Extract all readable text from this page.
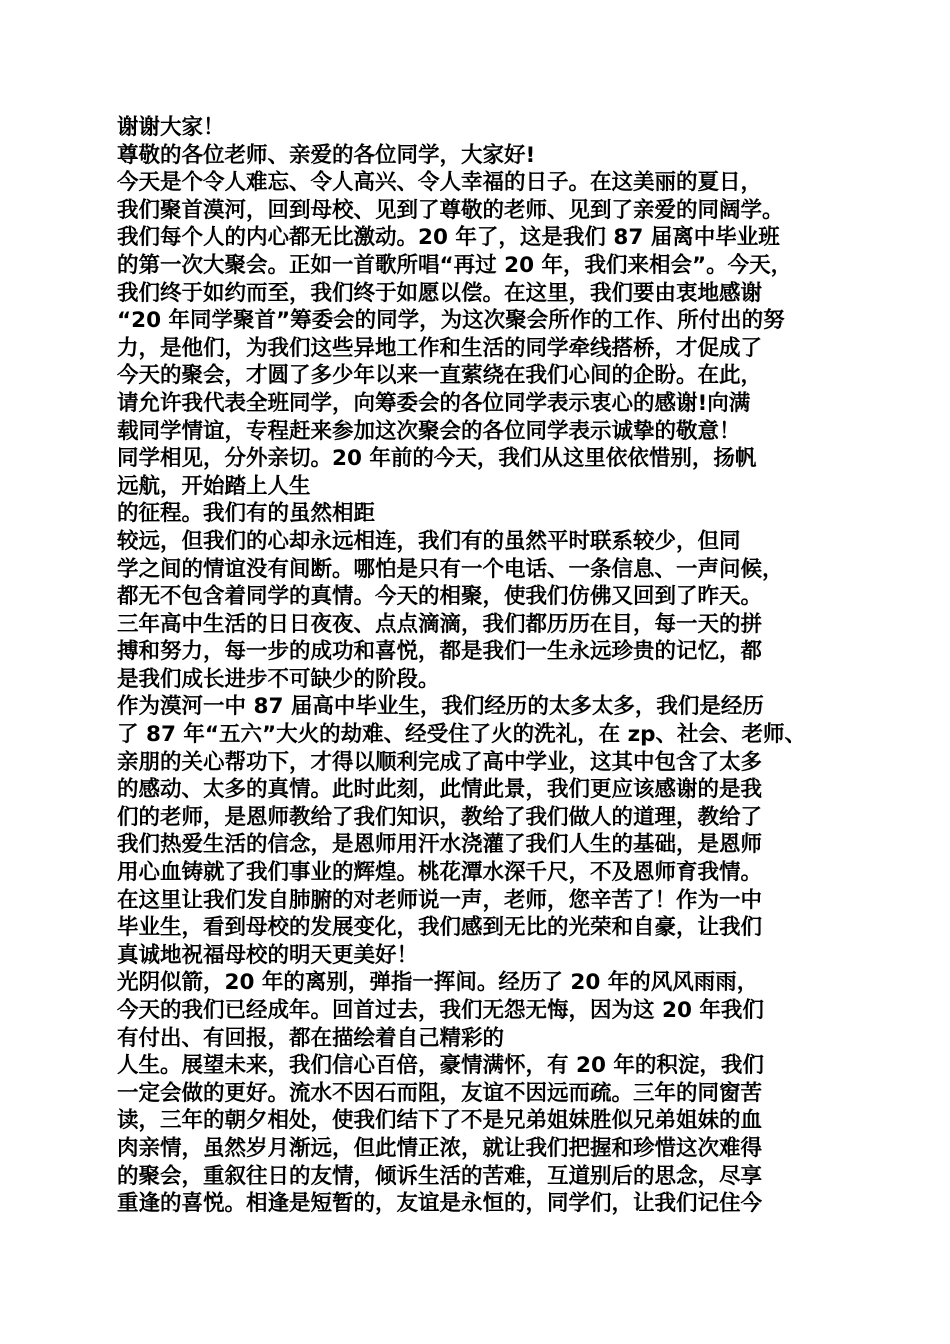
谢谢大家！
尊敬的各位老师、亲爱的各位同学，大家好!
今天是个令人难忘、令人高兴、令人幸福的日子。在这美丽的夏日，
我们聚首漠河，回到母校、见到了尊敬的老师、见到了亲爱的同阔学。
我们每个人的内心都无比激动。20 年了，这是我们 87 届离中毕业班
的第一次大聚会。正如一首歌所唱“再过 20 年，我们来相会”。今天，
我们终于如约而至，我们终于如愿以偿。在这里，我们要由衷地感谢
“20 年同学聚首”筹委会的同学，为这次聚会所作的工作、所付出的努
力，是他们，为我们这些异地工作和生活的同学牵线搭桥，才促成了
今天的聚会，才圆了多少年以来一直萦绕在我们心间的企盼。在此，
请允许我代表全班同学，向筹委会的各位同学表示衷心的感谢!向满
载同学情谊，专程赶来参加这次聚会的各位同学表示诚挚的敬意！
同学相见，分外亲切。20 年前的今天，我们从这里依依惜别，扬帆
远航，开始踏上人生
的征程。我们有的虽然相距
较远，但我们的心却永远相连，我们有的虽然平时联系较少，但同
学之间的情谊没有间断。哪怕是只有一个电话、一条信息、一声问候，
都无不包含着同学的真情。今天的相聚，使我们仿佛又回到了昨天。
三年高中生活的日日夜夜、点点滴滴，我们都历历在目，每一天的拼
搏和努力，每一步的成功和喜悦，都是我们一生永远珍贵的记忆，都
是我们成长进步不可缺少的阶段。
作为漠河一中 87 届高中毕业生，我们经历的太多太多，我们是经历
了 87 年“五六”大火的劫难、经受住了火的洗礼，在 zp、社会、老师、
亲朋的关心帮功下，才得以顺利完成了高中学业，这其中包含了太多
的感动、太多的真情。此时此刻，此情此景，我们更应该感谢的是我
们的老师，是恩师教给了我们知识，教给了我们做人的道理，教给了
我们热爱生活的信念，是恩师用汗水浇灌了我们人生的基础，是恩师
用心血铸就了我们事业的辉煌。桃花潭水深千尺，不及恩师育我情。
在这里让我们发自肺腑的对老师说一声，老师，您辛苦了！作为一中
毕业生，看到母校的发展变化，我们感到无比的光荣和自豪，让我们
真诚地祝福母校的明天更美好！
光阴似箭，20 年的离别，弹指一挥间。经历了 20 年的风风雨雨，
今天的我们已经成年。回首过去，我们无怨无悔，因为这 20 年我们
有付出、有回报，都在描绘着自己精彩的
人生。展望未来，我们信心百倍，豪情满怀，有 20 年的积淀，我们
一定会做的更好。流水不因石而阻，友谊不因远而疏。三年的同窗苦
读，三年的朝夕相处，使我们结下了不是兄弟姐妹胜似兄弟姐妹的血
肉亲情，虽然岁月渐远，但此情正浓，就让我们把握和珍惜这次难得
的聚会，重叙往日的友情，倾诉生活的苦难，互道别后的思念，尽享
重逢的喜悦。相逢是短暂的，友谊是永恒的，同学们，让我们记住今
